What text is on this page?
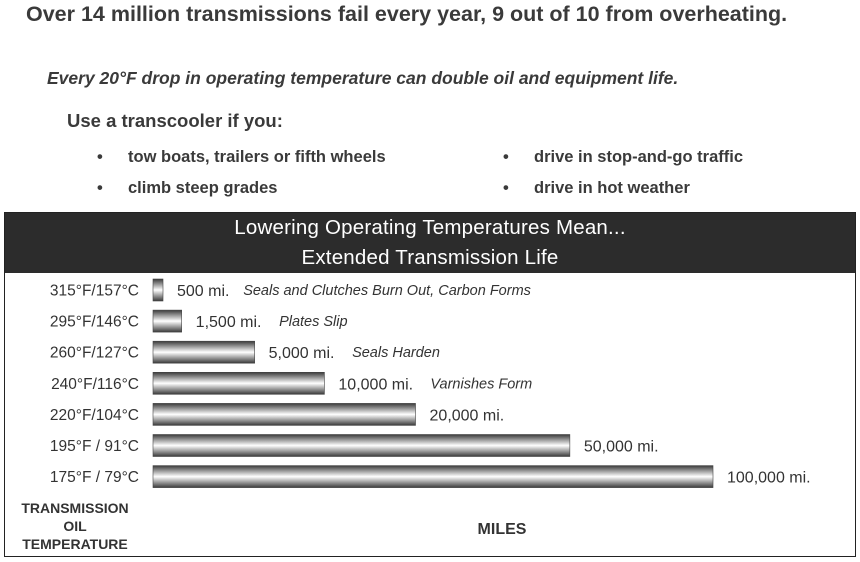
Over 14 million transmissions fail every year, 9 out of 10 from overheating.
Every 20°F drop in operating temperature can double oil and equipment life.
Use a transcooler if you:
• tow boats, trailers or fifth wheels
• climb steep grades
• drive in stop-and-go traffic
• drive in hot weather
Lowering Operating Temperatures Mean...
Extended Transmission Life
315°F/157°C 500 mi. Seals and Clutches Burn Out, Carbon Forms
295°F/146°C	1,500 mi. Plates Slip
260°F/127°C	5,000 mi. Seals Harden
240°F/116°C	10,000 mi. Varnishes Form
220°F/104°C	20,000 mi.
195°F / 91°C	50,000 mi.
175°F / 79°C	100,000 mi.
TRANSMISSION
OIL
TEMPERATURE
MILES
